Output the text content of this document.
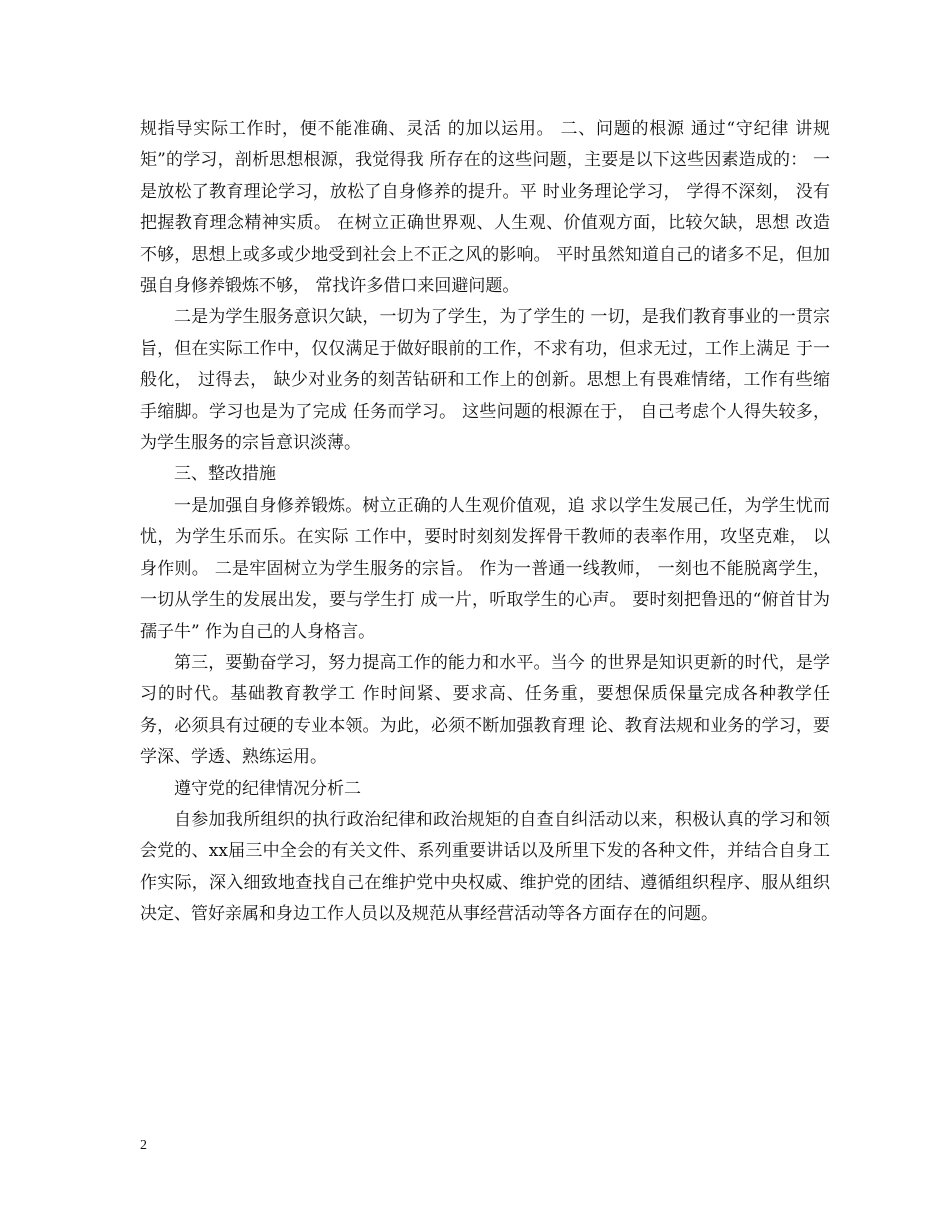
规指导实际工作时，便不能准确、灵活 的加以运用。 二、问题的根源 通过“守纪律 讲规矩”的学习，剖析思想根源，我觉得我 所存在的这些问题，主要是以下这些因素造成的： 一是放松了教育理论学习，放松了自身修养的提升。平 时业务理论学习， 学得不深刻， 没有把握教育理念精神实质。 在树立正确世界观、人生观、价值观方面，比较欠缺，思想 改造不够，思想上或多或少地受到社会上不正之风的影响。 平时虽然知道自己的诸多不足，但加强自身修养锻炼不够， 常找许多借口来回避问题。

二是为学生服务意识欠缺，一切为了学生，为了学生的 一切，是我们教育事业的一贯宗旨，但在实际工作中，仅仅满足于做好眼前的工作，不求有功，但求无过，工作上满足 于一般化， 过得去， 缺少对业务的刻苦钻研和工作上的创新。思想上有畏难情绪，工作有些缩手缩脚。学习也是为了完成 任务而学习。 这些问题的根源在于， 自己考虑个人得失较多， 为学生服务的宗旨意识淡薄。

三、整改措施

一是加强自身修养锻炼。树立正确的人生观价值观，追 求以学生发展己任，为学生忧而忧，为学生乐而乐。在实际 工作中，要时时刻刻发挥骨干教师的表率作用，攻坚克难， 以身作则。 二是牢固树立为学生服务的宗旨。 作为一普通一线教师， 一刻也不能脱离学生，一切从学生的发展出发，要与学生打 成一片，听取学生的心声。 要时刻把鲁迅的“俯首甘为孺子牛” 作为自己的人身格言。

第三，要勤奋学习，努力提高工作的能力和水平。当今 的世界是知识更新的时代，是学习的时代。基础教育教学工 作时间紧、要求高、任务重，要想保质保量完成各种教学任 务，必须具有过硬的专业本领。为此，必须不断加强教育理 论、教育法规和业务的学习，要学深、学透、熟练运用。

遵守党的纪律情况分析二

自参加我所组织的执行政治纪律和政治规矩的自查自纠活动以来，积极认真的学习和领会党的、xx届三中全会的有关文件、系列重要讲话以及所里下发的各种文件，并结合自身工作实际，深入细致地查找自己在维护党中央权威、维护党的团结、遵循组织程序、服从组织决定、管好亲属和身边工作人员以及规范从事经营活动等各方面存在的问题。

2
